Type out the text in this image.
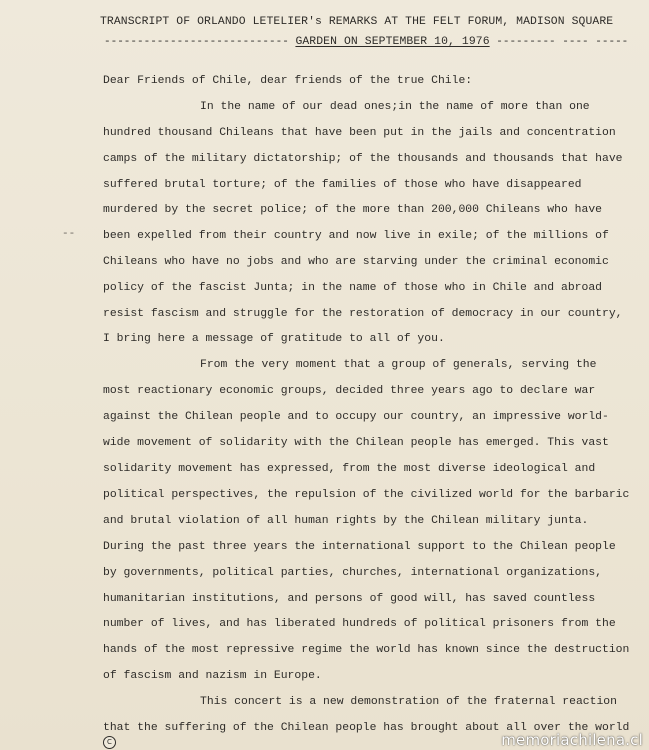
TRANSCRIPT OF ORLANDO LETELIER's REMARKS AT THE FELT FORUM, MADISON SQUARE
---------------------------- GARDEN ON SEPTEMBER 10, 1976 --------- ---- -----
Dear Friends of Chile, dear friends of the true Chile:
In the name of our dead ones;in the name of more than one
hundred thousand Chileans that have been put in the jails and concentration
camps of the military dictatorship; of the thousands and thousands that have
suffered brutal torture; of the families of those who have disappeared
murdered by the secret police; of the more than 200,000 Chileans who have
been expelled from their country and now live in exile; of the millions of
Chileans who have no jobs and who are starving under the criminal economic
policy of the fascist Junta; in the name of those who in Chile and abroad
resist fascism and struggle for the restoration of democracy in our country,
I bring here a message of gratitude to all of you.
From the very moment that a group of generals, serving the
most reactionary economic groups, decided three years ago to declare war
against the Chilean people and to occupy our country, an impressive world-
wide movement of solidarity with the Chilean people has emerged. This vast
solidarity movement has expressed, from the most diverse ideological and
political perspectives, the repulsion of the civilized world for the barbaric
and brutal violation of all human rights by the Chilean military junta.
During the past three years the international support to the Chilean people
by governments, political parties, churches, international organizations,
humanitarian institutions, and persons of good will, has saved countless
number of lives, and has liberated hundreds of political prisoners from the
hands of the most repressive regime the world has known since the destruction
of fascism and nazism in Europe.
This concert is a new demonstration of the fraternal reaction
that the suffering of the Chilean people has brought about all over the world
--
C	memoriachilena.cl
